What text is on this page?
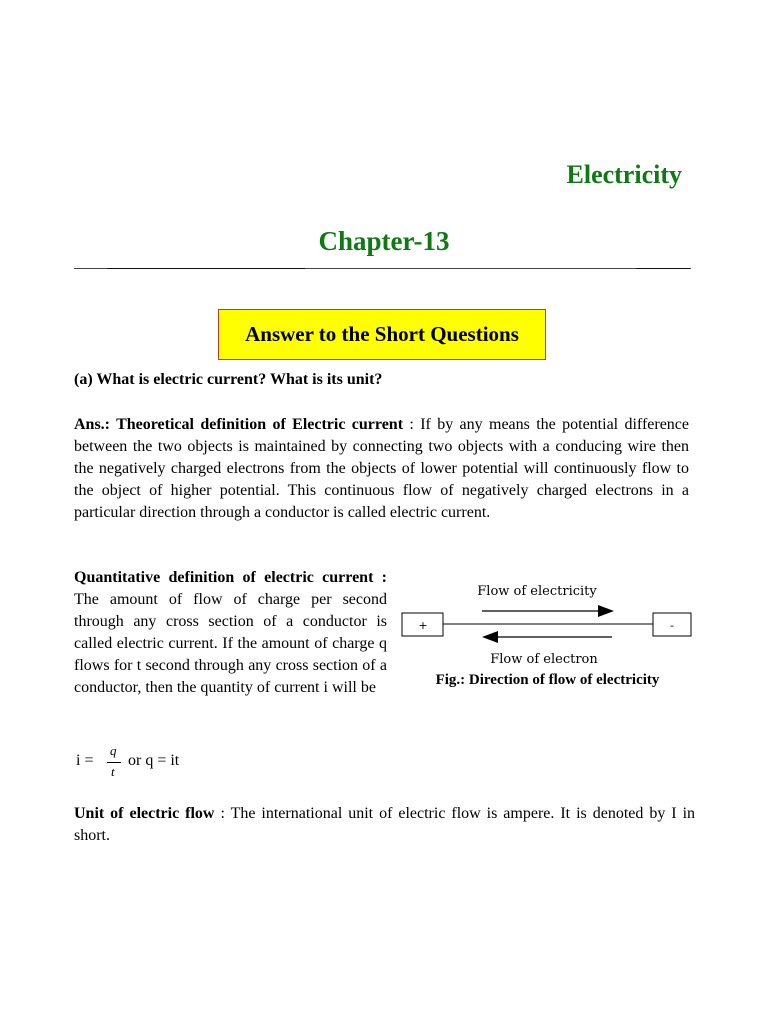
Electricity
Chapter-13
Answer to the Short Questions
(a) What is electric current? What is its unit?
Ans.: Theoretical definition of Electric current : If by any means the potential difference between the two objects is maintained by connecting two objects with a conducing wire then the negatively charged electrons from the objects of lower potential will continuously flow to the object of higher potential. This continuous flow of negatively charged electrons in a particular direction through a conductor is called electric current.
Quantitative definition of electric current : The amount of flow of charge per second through any cross section of a conductor is called electric current. If the amount of charge q flows for t second through any cross section of a conductor, then the quantity of current i will be
i =
q
t
or q = it
Flow of electricity
+	-
Flow of electron
Fig.: Direction of flow of electricity
Unit of electric flow : The international unit of electric flow is ampere. It is denoted by I in short.
